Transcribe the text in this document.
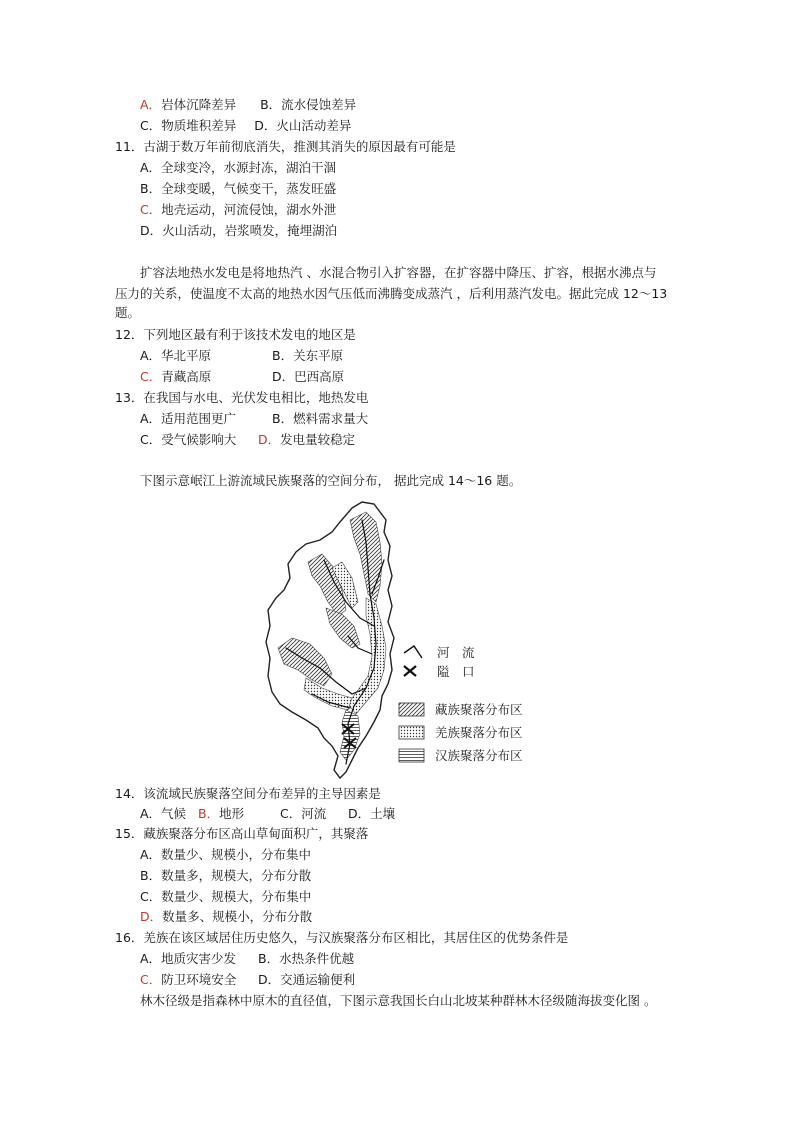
A．岩体沉降差异 B．流水侵蚀差异
C．物质堆积差异 D．火山活动差异
11．古湖于数万年前彻底消失，推测其消失的原因最有可能是
A．全球变冷，水源封冻，湖泊干涸
B．全球变暖，气候变干，蒸发旺盛
C．地壳运动，河流侵蚀，湖水外泄
D．火山活动，岩浆喷发，掩埋湖泊
扩容法地热水发电是将地热汽 、水混合物引入扩容器，在扩容器中降压、扩容，根据水沸点与
压力的关系，使温度不太高的地热水因气压低而沸腾变成蒸汽 ，后利用蒸汽发电。据此完成 12～13
题。
12．下列地区最有利于该技术发电的地区是
A．华北平原	B．关东平原
C．青藏高原	D．巴西高原
13．在我国与水电、光伏发电相比，地热发电
A．适用范围更广	B．燃料需求量大
C．受气候影响大 D．发电量较稳定
下图示意岷江上游流域民族聚落的空间分布， 据此完成 14～16 题。
河　流
隘　口
藏族聚落分布区
羌族聚落分布区
汉族聚落分布区
14．该流域民族聚落空间分布差异的主导因素是
A．气候 B．地形	C．河流 D．土壤
15．藏族聚落分布区高山草甸面积广，其聚落
A．数量少、规模小，分布集中
B．数量多，规模大，分布分散
C．数量少、规模大，分布集中
D．数量多、规模小，分布分散
16．羌族在该区域居住历史悠久，与汉族聚落分布区相比，其居住区的优势条件是
A．地质灾害少发 B．水热条件优越
C．防卫环境安全 D．交通运输便利
林木径级是指森林中原木的直径值，下图示意我国长白山北坡某种群林木径级随海拔变化图 。
